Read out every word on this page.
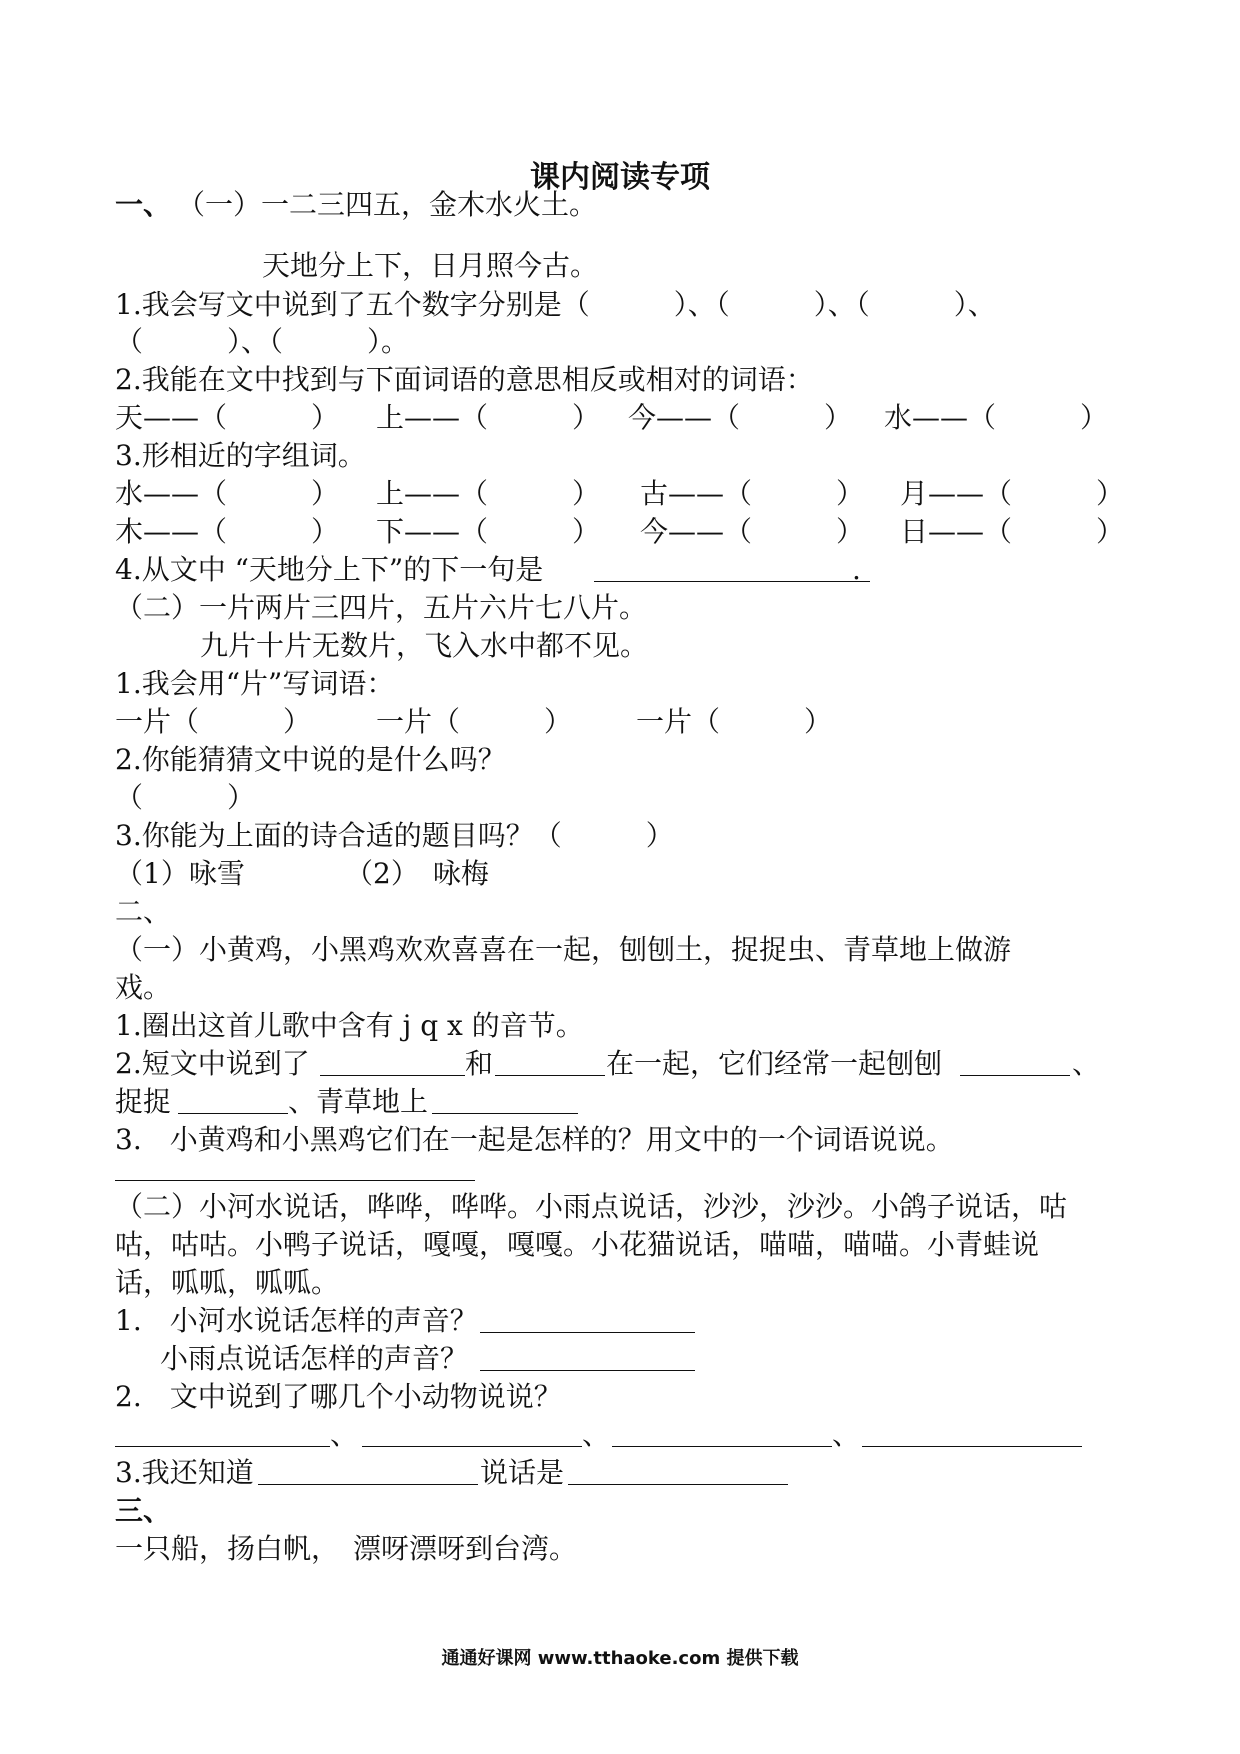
课内阅读专项
一、 （一）一二三四五，金木水火土。
天地分上下，日月照今古。
1.我会写文中说到了五个数字分别是（　　　）、（　　　）、（　　　）、
（　　　）、（　　　）。
2.我能在文中找到与下面词语的意思相反或相对的词语：
天——（　　　） 上——（　　　） 今——（　　　） 水——（　　　）
3.形相近的字组词。
水——（　　　） 上——（　　　） 古——（　　　） 月——（　　　）
木——（　　　） 下——（　　　） 今——（　　　） 日——（　　　）
4.从文中 “天地分上下”的下一句是	.
（二）一片两片三四片，五片六片七八片。
九片十片无数片，飞入水中都不见。
1.我会用“片”写词语：
一片（　　　） 一片（　　　） 一片（　　　）
2.你能猜猜文中说的是什么吗？
（　　　）
3.你能为上面的诗合适的题目吗？（　　　）
（1）咏雪	（2）　咏梅
二、
（一）小黄鸡，小黑鸡欢欢喜喜在一起，刨刨土，捉捉虫、青草地上做游
戏。
1.圈出这首儿歌中含有 j q x 的音节。
2.短文中说到了	和	在一起，它们经常一起刨刨	、
捉捉	、青草地上
3.　小黄鸡和小黑鸡它们在一起是怎样的？用文中的一个词语说说。
（二）小河水说话，哗哗，哗哗。小雨点说话，沙沙，沙沙。小鸽子说话，咕
咕，咕咕。小鸭子说话，嘎嘎，嘎嘎。小花猫说话，喵喵，喵喵。小青蛙说
话，呱呱，呱呱。
1.　小河水说话怎样的声音？
小雨点说话怎样的声音？
2.　文中说到了哪几个小动物说说？
、	、	、
3.我还知道	说话是
三、
一只船，扬白帆，　漂呀漂呀到台湾。
通通好课网 www.tthaoke.com 提供下载
